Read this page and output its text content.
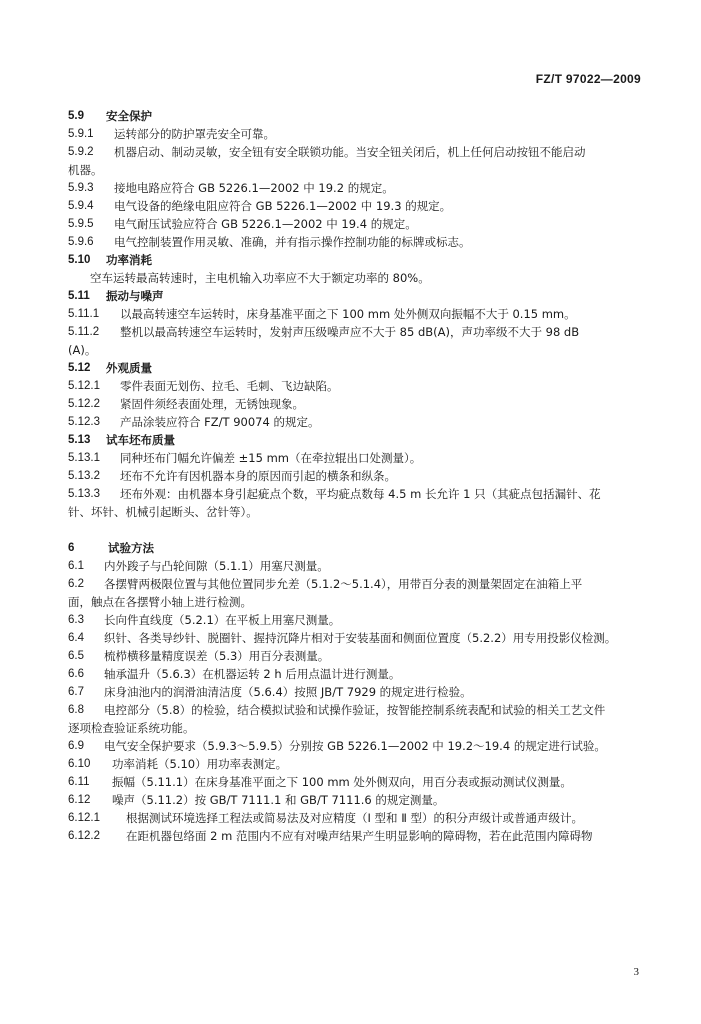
FZ/T 97022—2009
5.9 安全保护
5.9.1 运转部分的防护罩壳安全可靠。
5.9.2 机器启动、制动灵敏，安全钮有安全联锁功能。当安全钮关闭后，机上任何启动按钮不能启动
机器。
5.9.3 接地电路应符合 GB 5226.1—2002 中 19.2 的规定。
5.9.4 电气设备的绝缘电阻应符合 GB 5226.1—2002 中 19.3 的规定。
5.9.5 电气耐压试验应符合 GB 5226.1—2002 中 19.4 的规定。
5.9.6 电气控制装置作用灵敏、准确，并有指示操作控制功能的标牌或标志。
5.10 功率消耗
空车运转最高转速时，主电机输入功率应不大于额定功率的 80%。
5.11 振动与噪声
5.11.1 以最高转速空车运转时，床身基准平面之下 100 mm 处外侧双向振幅不大于 0.15 mm。
5.11.2 整机以最高转速空车运转时，发射声压级噪声应不大于 85 dB(A)，声功率级不大于 98 dB
(A)。
5.12 外观质量
5.12.1 零件表面无划伤、拉毛、毛刺、飞边缺陷。
5.12.2 紧固件须经表面处理，无锈蚀现象。
5.12.3 产品涂装应符合 FZ/T 90074 的规定。
5.13 试车坯布质量
5.13.1 同种坯布门幅允许偏差 ±15 mm（在牵拉辊出口处测量）。
5.13.2 坯布不允许有因机器本身的原因而引起的横条和纵条。
5.13.3 坯布外观：由机器本身引起疵点个数，平均疵点数每 4.5 m 长允许 1 只（其疵点包括漏针、花
针、坏针、机械引起断头、岔针等）。
6	试验方法
6.1 内外踆子与凸轮间隙（5.1.1）用塞尺测量。
6.2 各摆臂两极限位置与其他位置同步允差（5.1.2～5.1.4），用带百分表的测量架固定在油箱上平
面，触点在各摆臂小轴上进行检测。
6.3 长向件直线度（5.2.1）在平板上用塞尺测量。
6.4 织针、各类导纱针、脱圈针、握持沉降片相对于安装基面和侧面位置度（5.2.2）用专用投影仪检测。
6.5 梳栉横移量精度误差（5.3）用百分表测量。
6.6 轴承温升（5.6.3）在机器运转 2 h 后用点温计进行测量。
6.7 床身油池内的润滑油清洁度（5.6.4）按照 JB/T 7929 的规定进行检验。
6.8 电控部分（5.8）的检验，结合模拟试验和试操作验证，按智能控制系统表配和试验的相关工艺文件
逐项检查验证系统功能。
6.9 电气安全保护要求（5.9.3～5.9.5）分别按 GB 5226.1—2002 中 19.2～19.4 的规定进行试验。
6.10 功率消耗（5.10）用功率表测定。
6.11 振幅（5.11.1）在床身基准平面之下 100 mm 处外侧双向，用百分表或振动测试仪测量。
6.12 噪声（5.11.2）按 GB/T 7111.1 和 GB/T 7111.6 的规定测量。
6.12.1 根据测试环境选择工程法或简易法及对应精度（Ⅰ 型和 Ⅱ 型）的积分声级计或普通声级计。
6.12.2 在距机器包络面 2 m 范围内不应有对噪声结果产生明显影响的障碍物，若在此范围内障碍物
3
